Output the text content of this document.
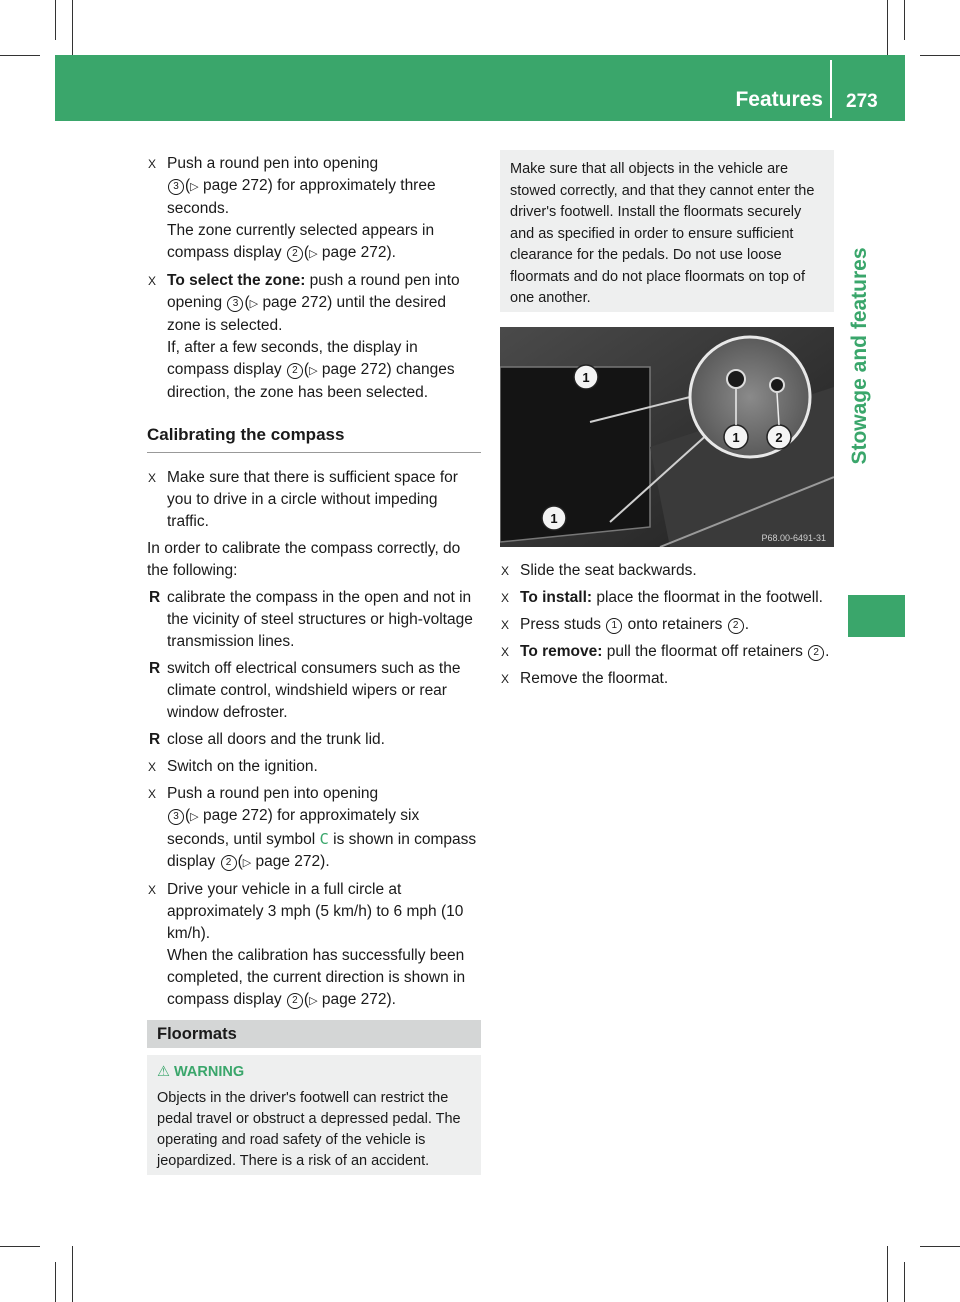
Features 273
Stowage and features
X Push a round pen into opening
3 (▷ page 272) for approximately three seconds.
The zone currently selected appears in compass display 2 (▷ page 272).
X To select the zone: push a round pen into opening 3 (▷ page 272) until the desired zone is selected.
If, after a few seconds, the display in compass display 2 (▷ page 272) changes direction, the zone has been selected.
Calibrating the compass
X Make sure that there is sufficient space for you to drive in a circle without impeding traffic.
In order to calibrate the compass correctly, do the following:
R calibrate the compass in the open and not in the vicinity of steel structures or high-voltage transmission lines.
R switch off electrical consumers such as the climate control, windshield wipers or rear window defroster.
R close all doors and the trunk lid.
X Switch on the ignition.
X Push a round pen into opening
3 (▷ page 272) for approximately six seconds, until symbol C is shown in compass display 2 (▷ page 272).
X Drive your vehicle in a full circle at approximately 3 mph (5 km/h) to 6 mph (10 km/h).
When the calibration has successfully been completed, the current direction is shown in compass display 2 (▷ page 272).
Floormats
⚠ WARNING
Objects in the driver's footwell can restrict the pedal travel or obstruct a depressed pedal. The operating and road safety of the vehicle is jeopardized. There is a risk of an accident.
Make sure that all objects in the vehicle are stowed correctly, and that they cannot enter the driver's footwell. Install the floormats securely and as specified in order to ensure sufficient clearance for the pedals. Do not use loose floormats and do not place floormats on top of one another.
1
1
1	2
P68.00-6491-31
X Slide the seat backwards.
X To install: place the floormat in the footwell.
X Press studs 1 onto retainers 2 .
X To remove: pull the floormat off retainers 2 .
X Remove the floormat.
